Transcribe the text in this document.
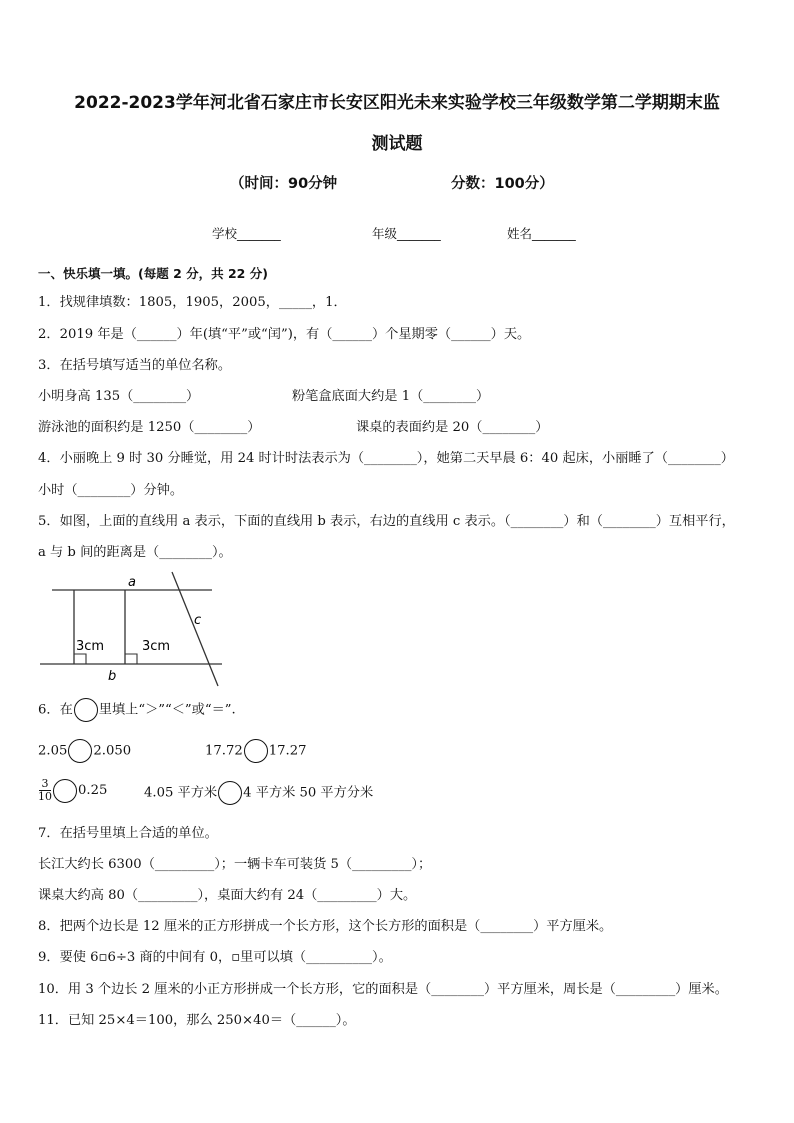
2022-2023学年河北省石家庄市长安区阳光未来实验学校三年级数学第二学期期末监
测试题
（时间：90分钟	分数：100分）
学校_______	年级_______	姓名_______
一、快乐填一填。(每题 2 分，共 22 分)
1．找规律填数：1805，1905，2005，_____，1．
2．2019 年是（______）年(填“平”或“闰”)，有（______）个星期零（______）天。
3．在括号填写适当的单位名称。
小明身高 135（________）	粉笔盒底面大约是 1（________）
游泳池的面积约是 1250（________）	课桌的表面约是 20（________）
4．小丽晚上 9 时 30 分睡觉，用 24 时计时法表示为（________），她第二天早晨 6：40 起床，小丽睡了（________）
小时（________）分钟。
5．如图，上面的直线用 a 表示，下面的直线用 b 表示，右边的直线用 c 表示。（________）和（________）互相平行，
a 与 b 间的距离是（________）。
a
b
c
3cm	3cm
6．在 里填上“＞”“＜”或“＝”.
2.05 2.050	17.72 17.27
$\frac{3}{10} 0.25$	4.05 平方米 4 平方米 50 平方分米
7．在括号里填上合适的单位。
长江大约长 6300（_________）；一辆卡车可装货 5（_________）；
课桌大约高 80（_________），桌面大约有 24（_________）大。
8．把两个边长是 12 厘米的正方形拼成一个长方形，这个长方形的面积是（________）平方厘米。
9．要使 6▫6÷3 商的中间有 0，▫里可以填（__________）。
10．用 3 个边长 2 厘米的小正方形拼成一个长方形，它的面积是（________）平方厘米，周长是（_________）厘米。
11．已知 25×4＝100，那么 250×40＝（______）。
